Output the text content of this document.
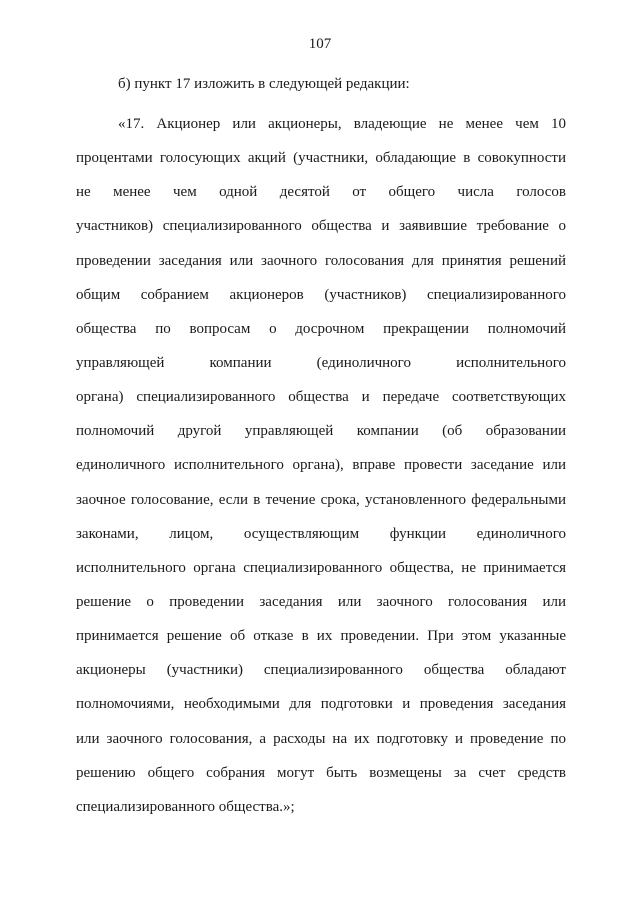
107
б) пункт 17 изложить в следующей редакции:
«17. Акционер или акционеры, владеющие не менее чем 10
процентами голосующих акций (участники, обладающие в совокупности
не менее чем одной десятой от общего числа голосов
участников) специализированного общества и заявившие требование о
проведении заседания или заочного голосования для принятия решений
общим собранием акционеров (участников) специализированного
общества по вопросам о досрочном прекращении полномочий
управляющей компании (единоличного исполнительного
органа) специализированного общества и передаче соответствующих
полномочий другой управляющей компании (об образовании
единоличного исполнительного органа), вправе провести заседание или
заочное голосование, если в течение срока, установленного федеральными
законами, лицом, осуществляющим функции единоличного
исполнительного органа специализированного общества, не принимается
решение о проведении заседания или заочного голосования или
принимается решение об отказе в их проведении. При этом указанные
акционеры (участники) специализированного общества обладают
полномочиями, необходимыми для подготовки и проведения заседания
или заочного голосования, а расходы на их подготовку и проведение по
решению общего собрания могут быть возмещены за счет средств
специализированного общества.»;
